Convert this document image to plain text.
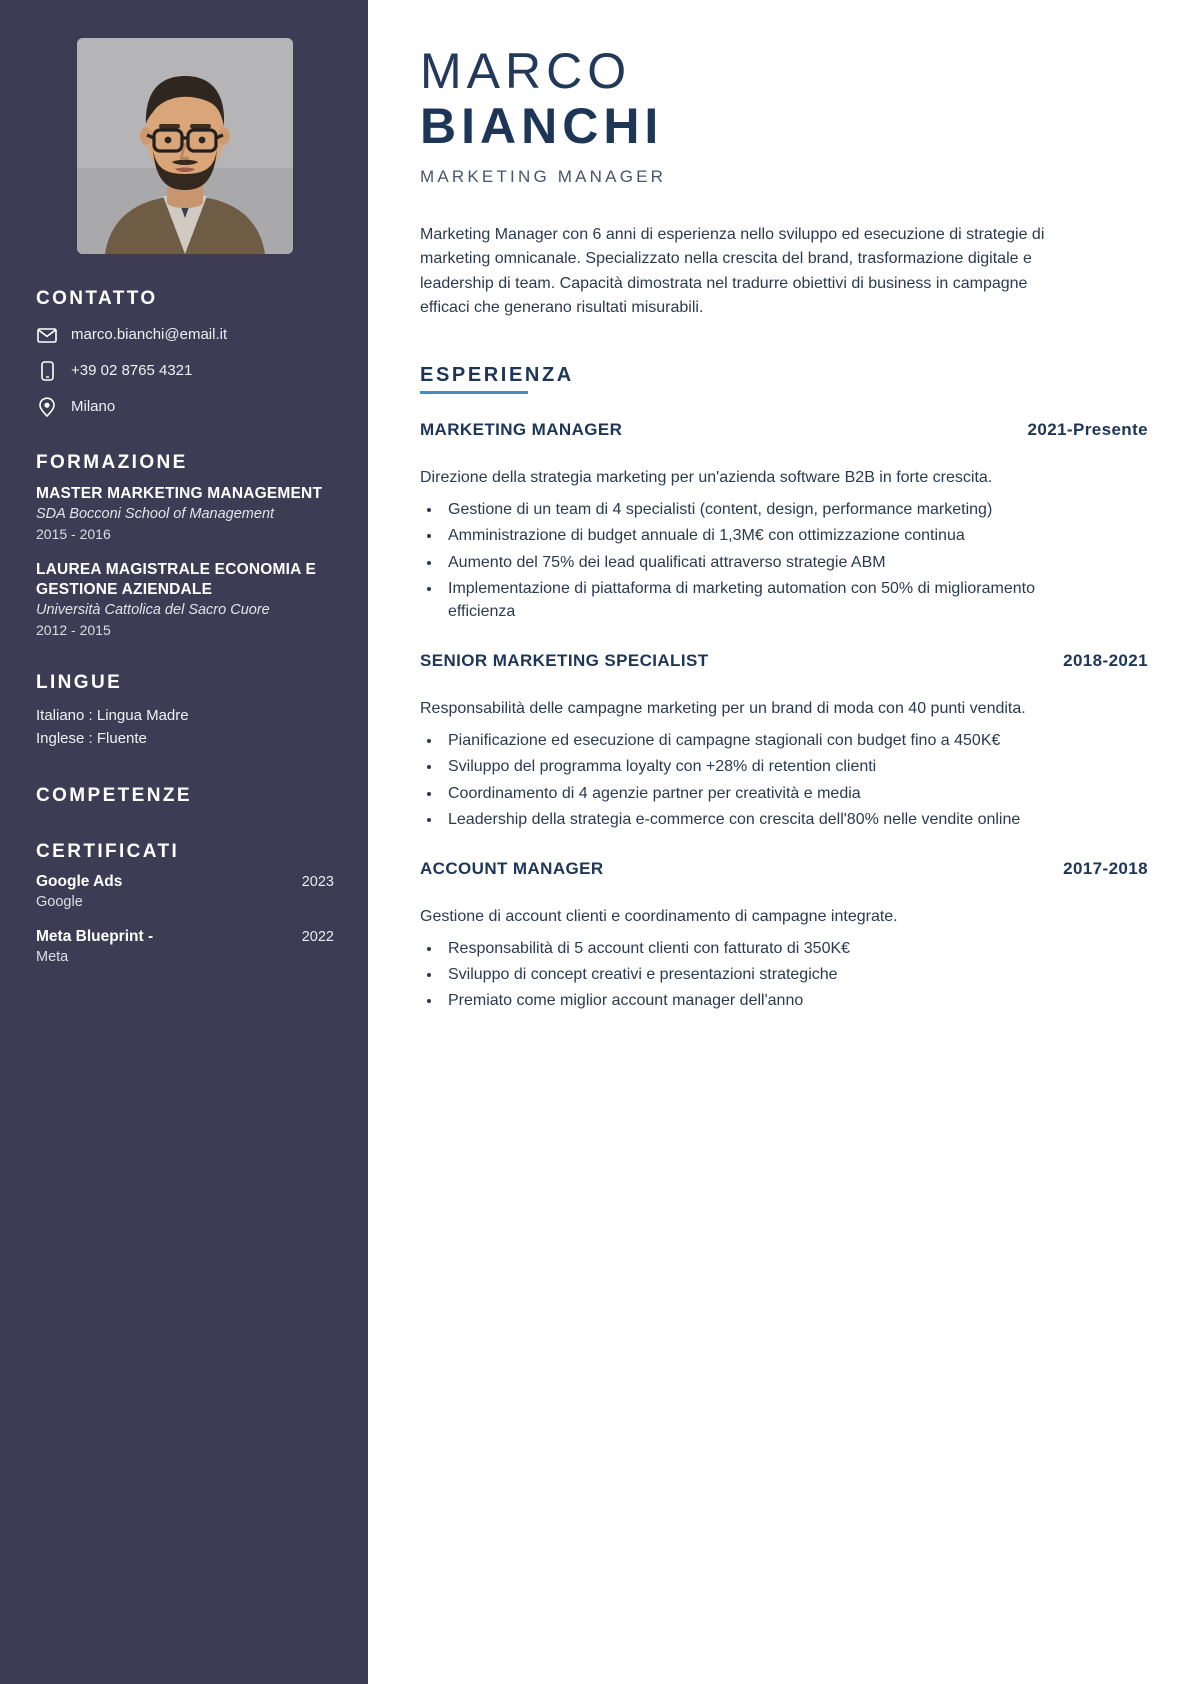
CONTATTO
marco.bianchi@email.it
+39 02 8765 4321
Milano
FORMAZIONE
MASTER MARKETING MANAGEMENT
SDA Bocconi School of Management
2015 - 2016
LAUREA MAGISTRALE ECONOMIA E GESTIONE AZIENDALE
Università Cattolica del Sacro Cuore
2012 - 2015
LINGUE
Italiano : Lingua Madre
Inglese : Fluente
COMPETENZE
CERTIFICATI
Google Ads	2023
Google
Meta Blueprint -	2022
Meta
MARCO
BIANCHI
MARKETING MANAGER

Marketing Manager con 6 anni di esperienza nello sviluppo ed esecuzione di strategie di marketing omnicanale. Specializzato nella crescita del brand, trasformazione digitale e leadership di team. Capacità dimostrata nel tradurre obiettivi di business in campagne efficaci che generano risultati misurabili.

ESPERIENZA
MARKETING MANAGER	2021-Presente

Direzione della strategia marketing per un'azienda software B2B in forte crescita.

• Gestione di un team di 4 specialisti (content, design, performance marketing)
• Amministrazione di budget annuale di 1,3M€ con ottimizzazione continua
• Aumento del 75% dei lead qualificati attraverso strategie ABM
• Implementazione di piattaforma di marketing automation con 50% di miglioramento efficienza
SENIOR MARKETING SPECIALIST	2018-2021

Responsabilità delle campagne marketing per un brand di moda con 40 punti vendita.

• Pianificazione ed esecuzione di campagne stagionali con budget fino a 450K€
• Sviluppo del programma loyalty con +28% di retention clienti
• Coordinamento di 4 agenzie partner per creatività e media
• Leadership della strategia e-commerce con crescita dell'80% nelle vendite online
ACCOUNT MANAGER	2017-2018

Gestione di account clienti e coordinamento di campagne integrate.

• Responsabilità di 5 account clienti con fatturato di 350K€
• Sviluppo di concept creativi e presentazioni strategiche
• Premiato come miglior account manager dell'anno
